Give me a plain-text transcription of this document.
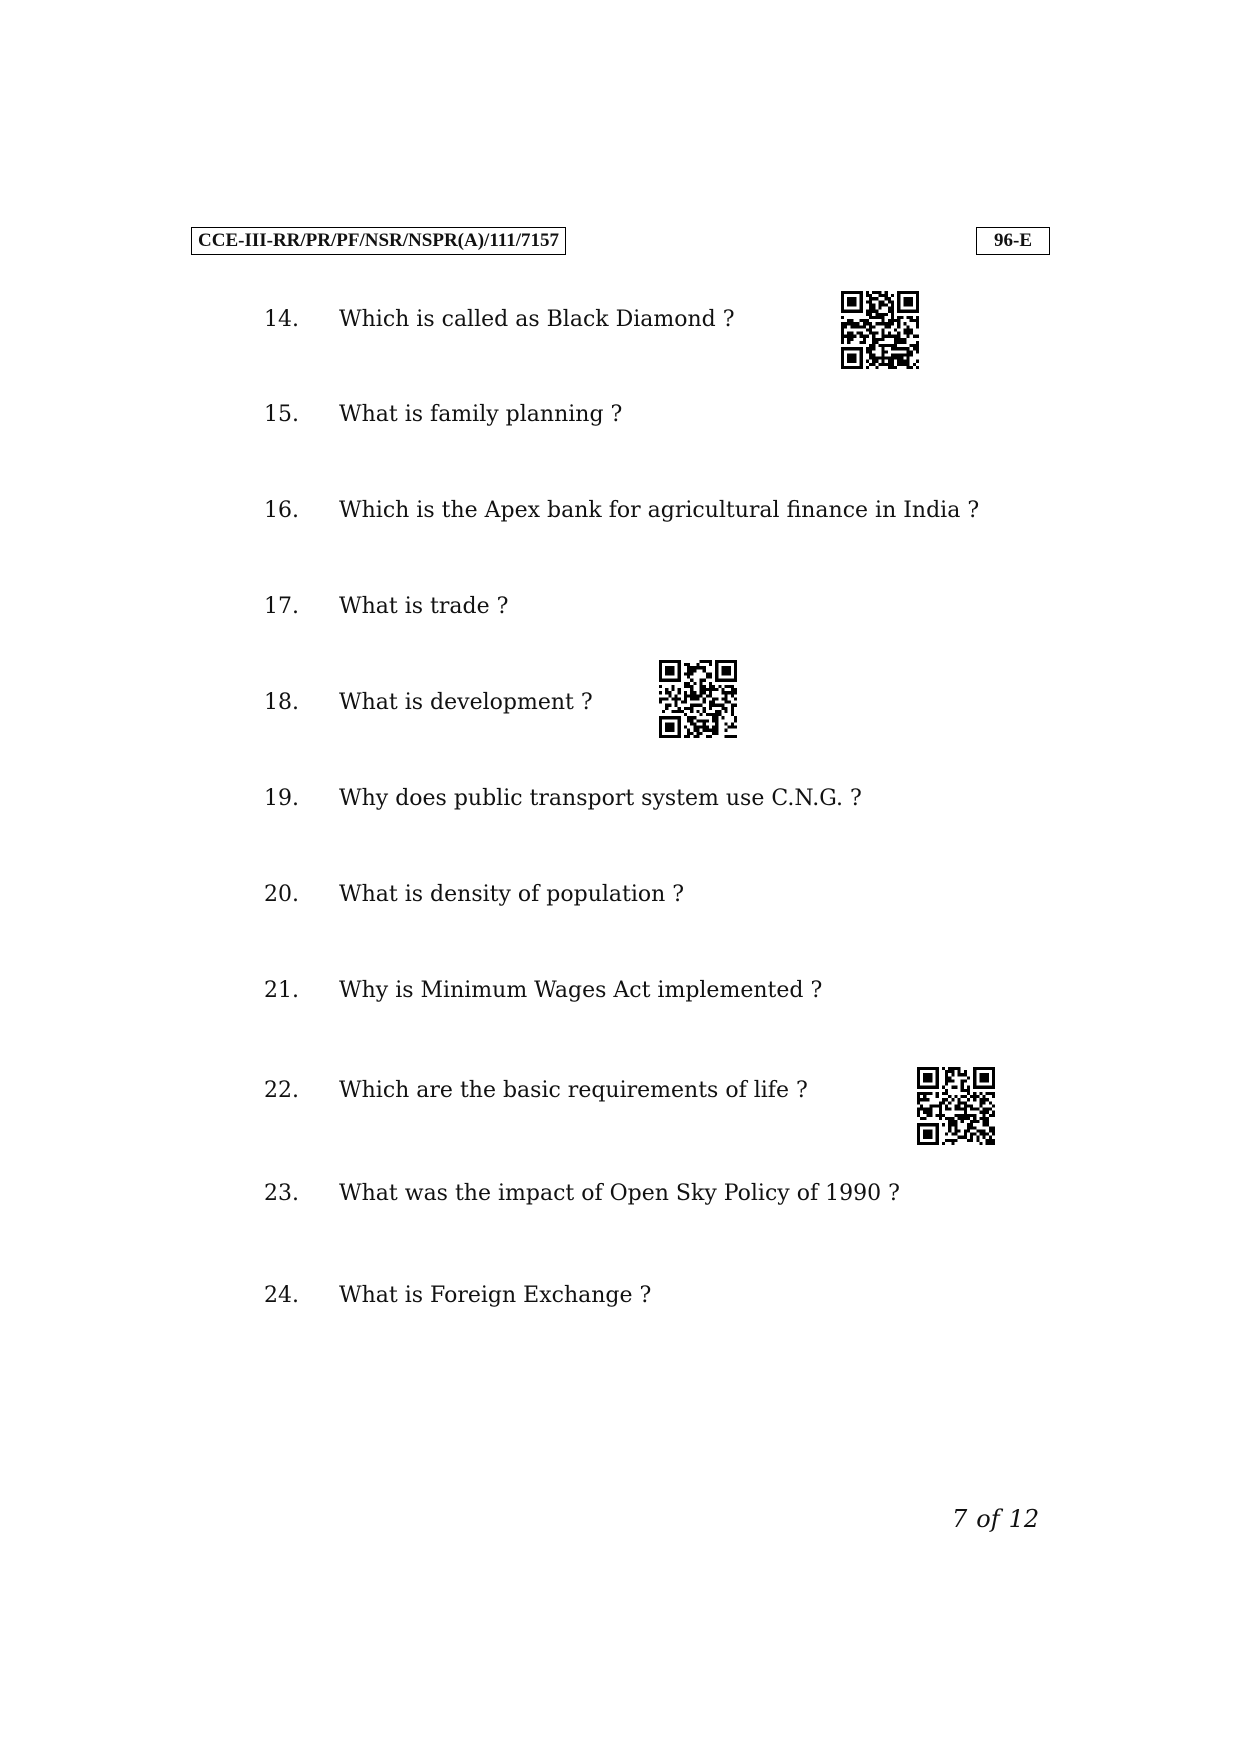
CCE-III-RR/PR/PF/NSR/NSPR(A)/111/7157	96-E
14. Which is called as Black Diamond ?
15. What is family planning ?
16. Which is the Apex bank for agricultural finance in India ?
17. What is trade ?
18. What is development ?
19. Why does public transport system use C.N.G. ?
20. What is density of population ?
21. Why is Minimum Wages Act implemented ?
22. Which are the basic requirements of life ?
23. What was the impact of Open Sky Policy of 1990 ?
24. What is Foreign Exchange ?
7 of 12
